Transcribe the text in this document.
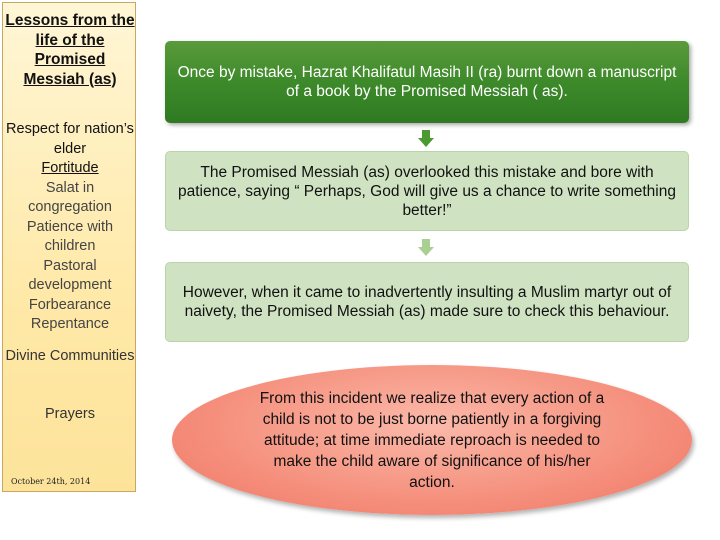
Lessons from the life of the Promised Messiah (as)
Respect for nation’s elder
Fortitude
Salat in congregation
Patience with children
Pastoral development
Forbearance
Repentance
Divine Communities
Prayers
October 24th, 2014
Once by mistake, Hazrat Khalifatul Masih II (ra) burnt down a manuscript of a book by the Promised Messiah ( as).
The Promised Messiah (as) overlooked this mistake and bore with patience, saying “ Perhaps, God will give us a chance to write something better!”
However, when it came to inadvertently insulting a Muslim martyr out of naivety, the Promised Messiah (as) made sure to check this behaviour.
From this incident we realize that every action of a child is not to be just borne patiently in a forgiving attitude; at time immediate reproach is needed to make the child aware of significance of his/her action.
